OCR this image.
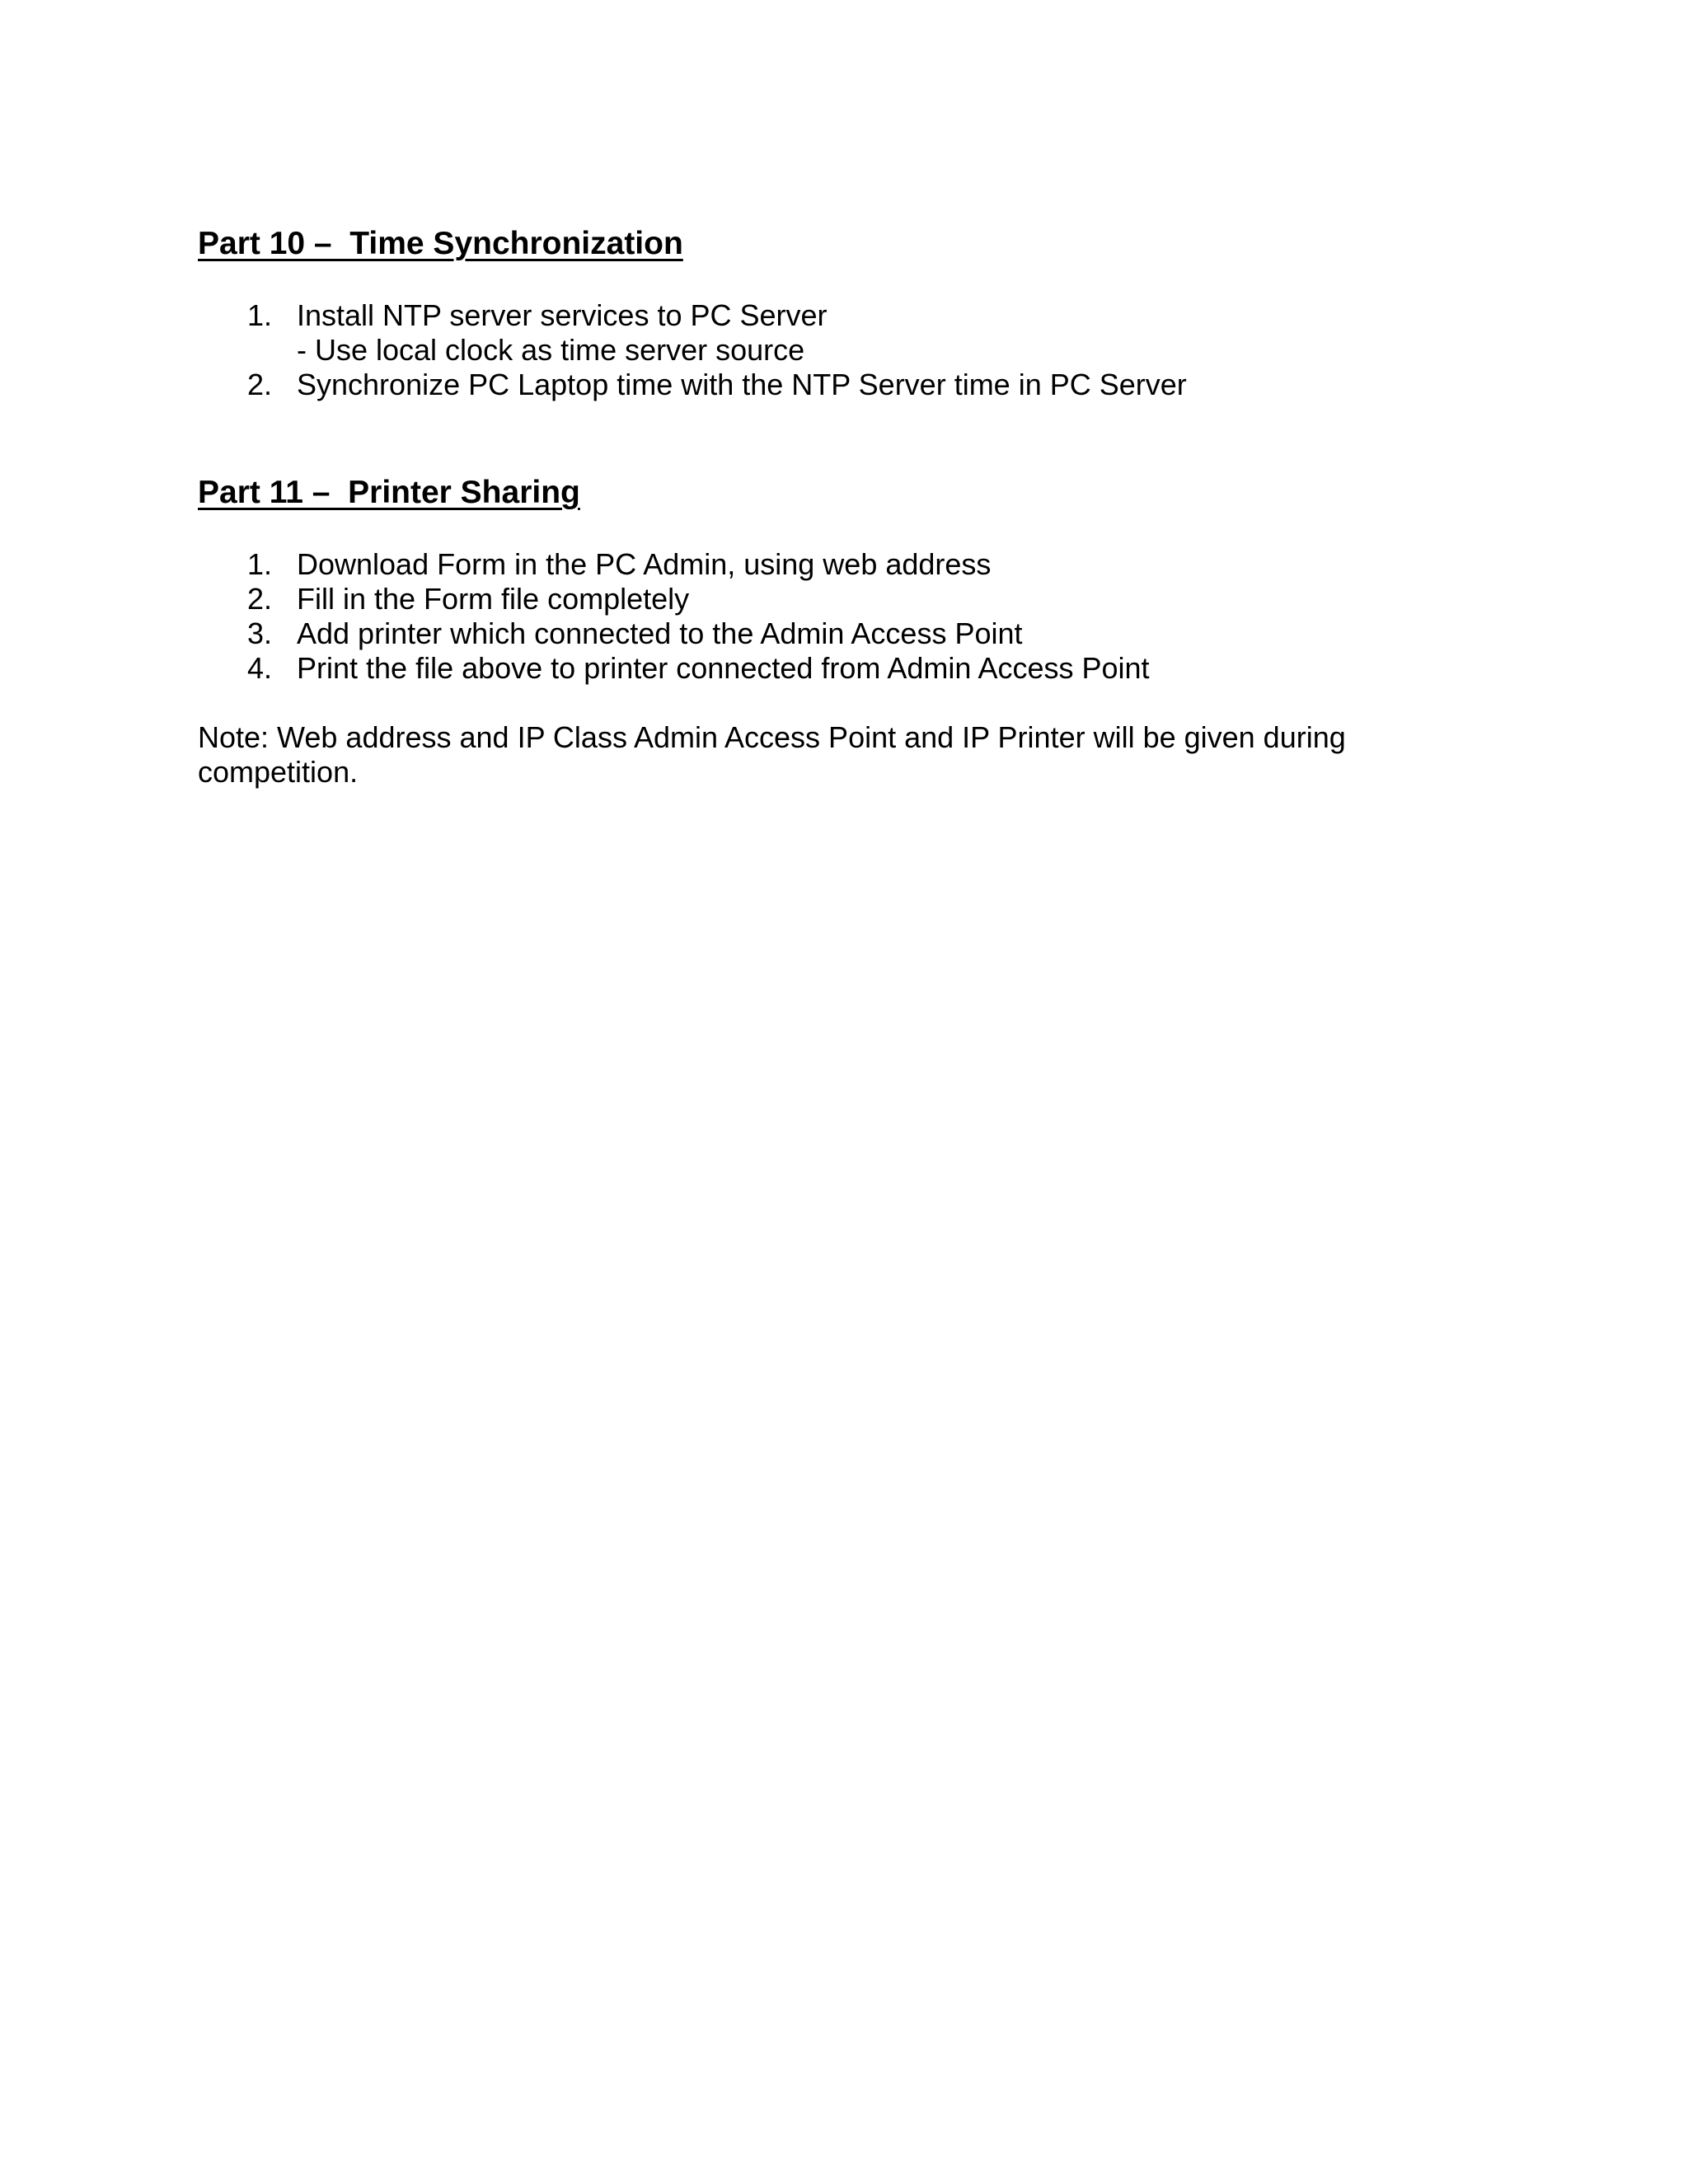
Part 10 –  Time Synchronization
1. Install NTP server services to PC Server
- Use local clock as time server source
2. Synchronize PC Laptop time with the NTP Server time in PC Server
Part 11 –  Printer Sharing
1. Download Form in the PC Admin, using web address
2. Fill in the Form file completely
3. Add printer which connected to the Admin Access Point
4. Print the file above to printer connected from Admin Access Point

Note: Web address and IP Class Admin Access Point and IP Printer will be given during competition.
